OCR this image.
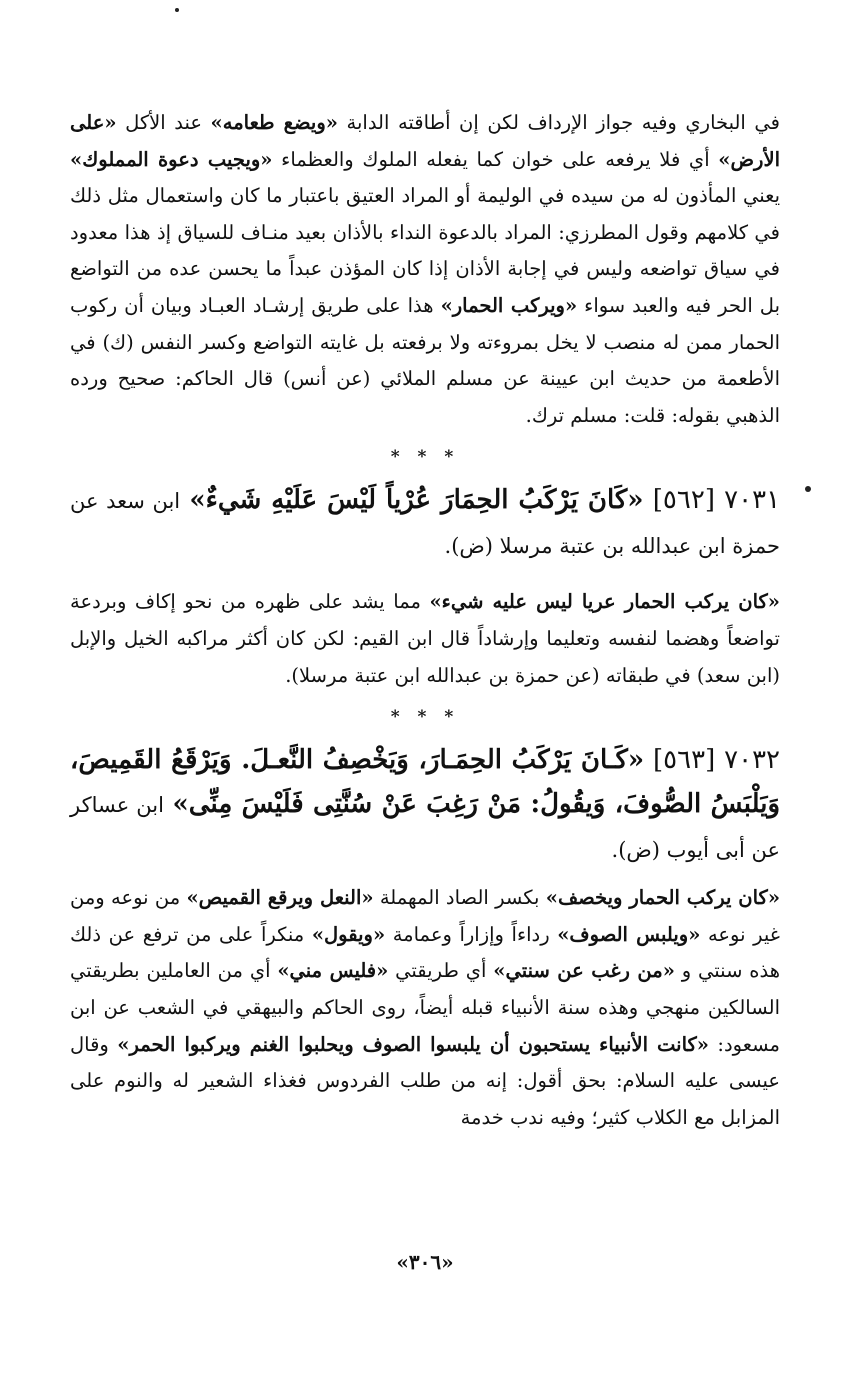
في البخاري وفيه جواز الإرداف لكن إن أطاقته الدابة «ويضع طعامه» عند الأكل «على الأرض» أي فلا يرفعه على خوان كما يفعله الملوك والعظماء «ويجيب دعوة المملوك» يعني المأذون له من سيده في الوليمة أو المراد العتيق باعتبار ما كان واستعمال مثل ذلك في كلامهم وقول المطرزي: المراد بالدعوة النداء بالأذان بعيد منـاف للسياق إذ هذا معدود في سياق تواضعه وليس في إجابة الأذان إذا كان المؤذن عبداً ما يحسن عده من التواضع بل الحر فيه والعبد سواء «ويركب الحمار» هذا على طريق إرشـاد العبـاد وبيان أن ركوب الحمار ممن له منصب لا يخل بمروءته ولا برفعته بل غايته التواضع وكسر النفس (ك) في الأطعمة من حديث ابن عيينة عن مسلم الملائي (عن أنس) قال الحاكم: صحيح ورده الذهبي بقوله: قلت: مسلم ترك.

* * *

٧٠٣١ [٥٦٢] «كَانَ يَرْكَبُ الحِمَارَ عُرْياً لَيْسَ عَلَيْهِ شَيءٌ» ابن سعد عن حمزة ابن عبدالله بن عتبة مرسلا (ض).

«كان يركب الحمار عريا ليس عليه شيء» مما يشد على ظهره من نحو إكاف وبردعة تواضعاً وهضما لنفسه وتعليما وإرشاداً قال ابن القيم: لكن كان أكثر مراكبه الخيل والإبل (ابن سعد) في طبقاته (عن حمزة بن عبدالله ابن عتبة مرسلا).

* * *

٧٠٣٢ [٥٦٣] «كَـانَ يَرْكَبُ الحِمَـارَ، وَيَخْصِفُ النَّعـلَ. وَيَرْقَعُ القَمِيصَ، وَيَلْبَسُ الصُّوفَ، وَيقُولُ: مَنْ رَغِبَ عَنْ سُنَّتِى فَلَيْسَ مِنِّى» ابن عساكر عن أبى أيوب (ض).

«كان يركب الحمار ويخصف» بكسر الصاد المهملة «النعل ويرقع القميص» من نوعه ومن غير نوعه «ويلبس الصوف» رداءاً وإزاراً وعمامة «ويقول» منكراً على من ترفع عن ذلك هذه سنتي و «من رغب عن سنتي» أي طريقتي «فليس مني» أي من العاملين بطريقتي السالكين منهجي وهذه سنة الأنبياء قبله أيضاً، روى الحاكم والبيهقي في الشعب عن ابن مسعود: «كانت الأنبياء يستحبون أن يلبسوا الصوف ويحلبوا الغنم ويركبوا الحمر» وقال عيسى عليه السلام: بحق أقول: إنه من طلب الفردوس فغذاء الشعير له والنوم على المزابل مع الكلاب كثير؛ وفيه ندب خدمة

«٣٠٦»
